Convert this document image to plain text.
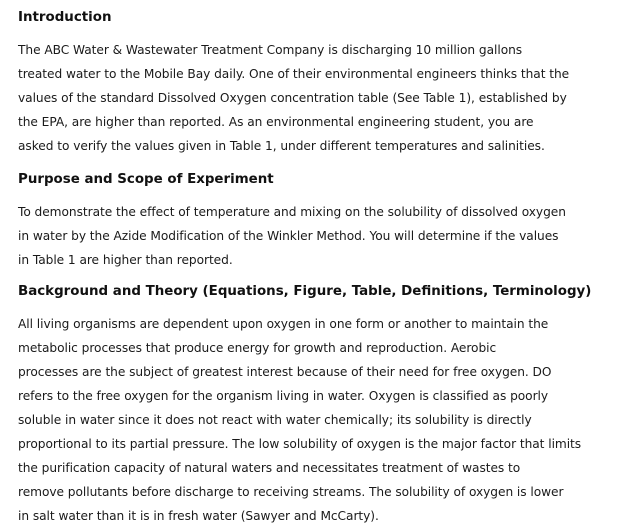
Introduction
The ABC Water & Wastewater Treatment Company is discharging 10 million gallons
treated water to the Mobile Bay daily. One of their environmental engineers thinks that the
values of the standard Dissolved Oxygen concentration table (See Table 1), established by
the EPA, are higher than reported. As an environmental engineering student, you are
asked to verify the values given in Table 1, under different temperatures and salinities.
Purpose and Scope of Experiment
To demonstrate the effect of temperature and mixing on the solubility of dissolved oxygen
in water by the Azide Modification of the Winkler Method. You will determine if the values
in Table 1 are higher than reported.
Background and Theory (Equations, Figure, Table, Definitions, Terminology)
All living organisms are dependent upon oxygen in one form or another to maintain the
metabolic processes that produce energy for growth and reproduction. Aerobic
processes are the subject of greatest interest because of their need for free oxygen. DO
refers to the free oxygen for the organism living in water. Oxygen is classified as poorly
soluble in water since it does not react with water chemically; its solubility is directly
proportional to its partial pressure. The low solubility of oxygen is the major factor that limits
the purification capacity of natural waters and necessitates treatment of wastes to
remove pollutants before discharge to receiving streams. The solubility of oxygen is lower
in salt water than it is in fresh water (Sawyer and McCarty).
